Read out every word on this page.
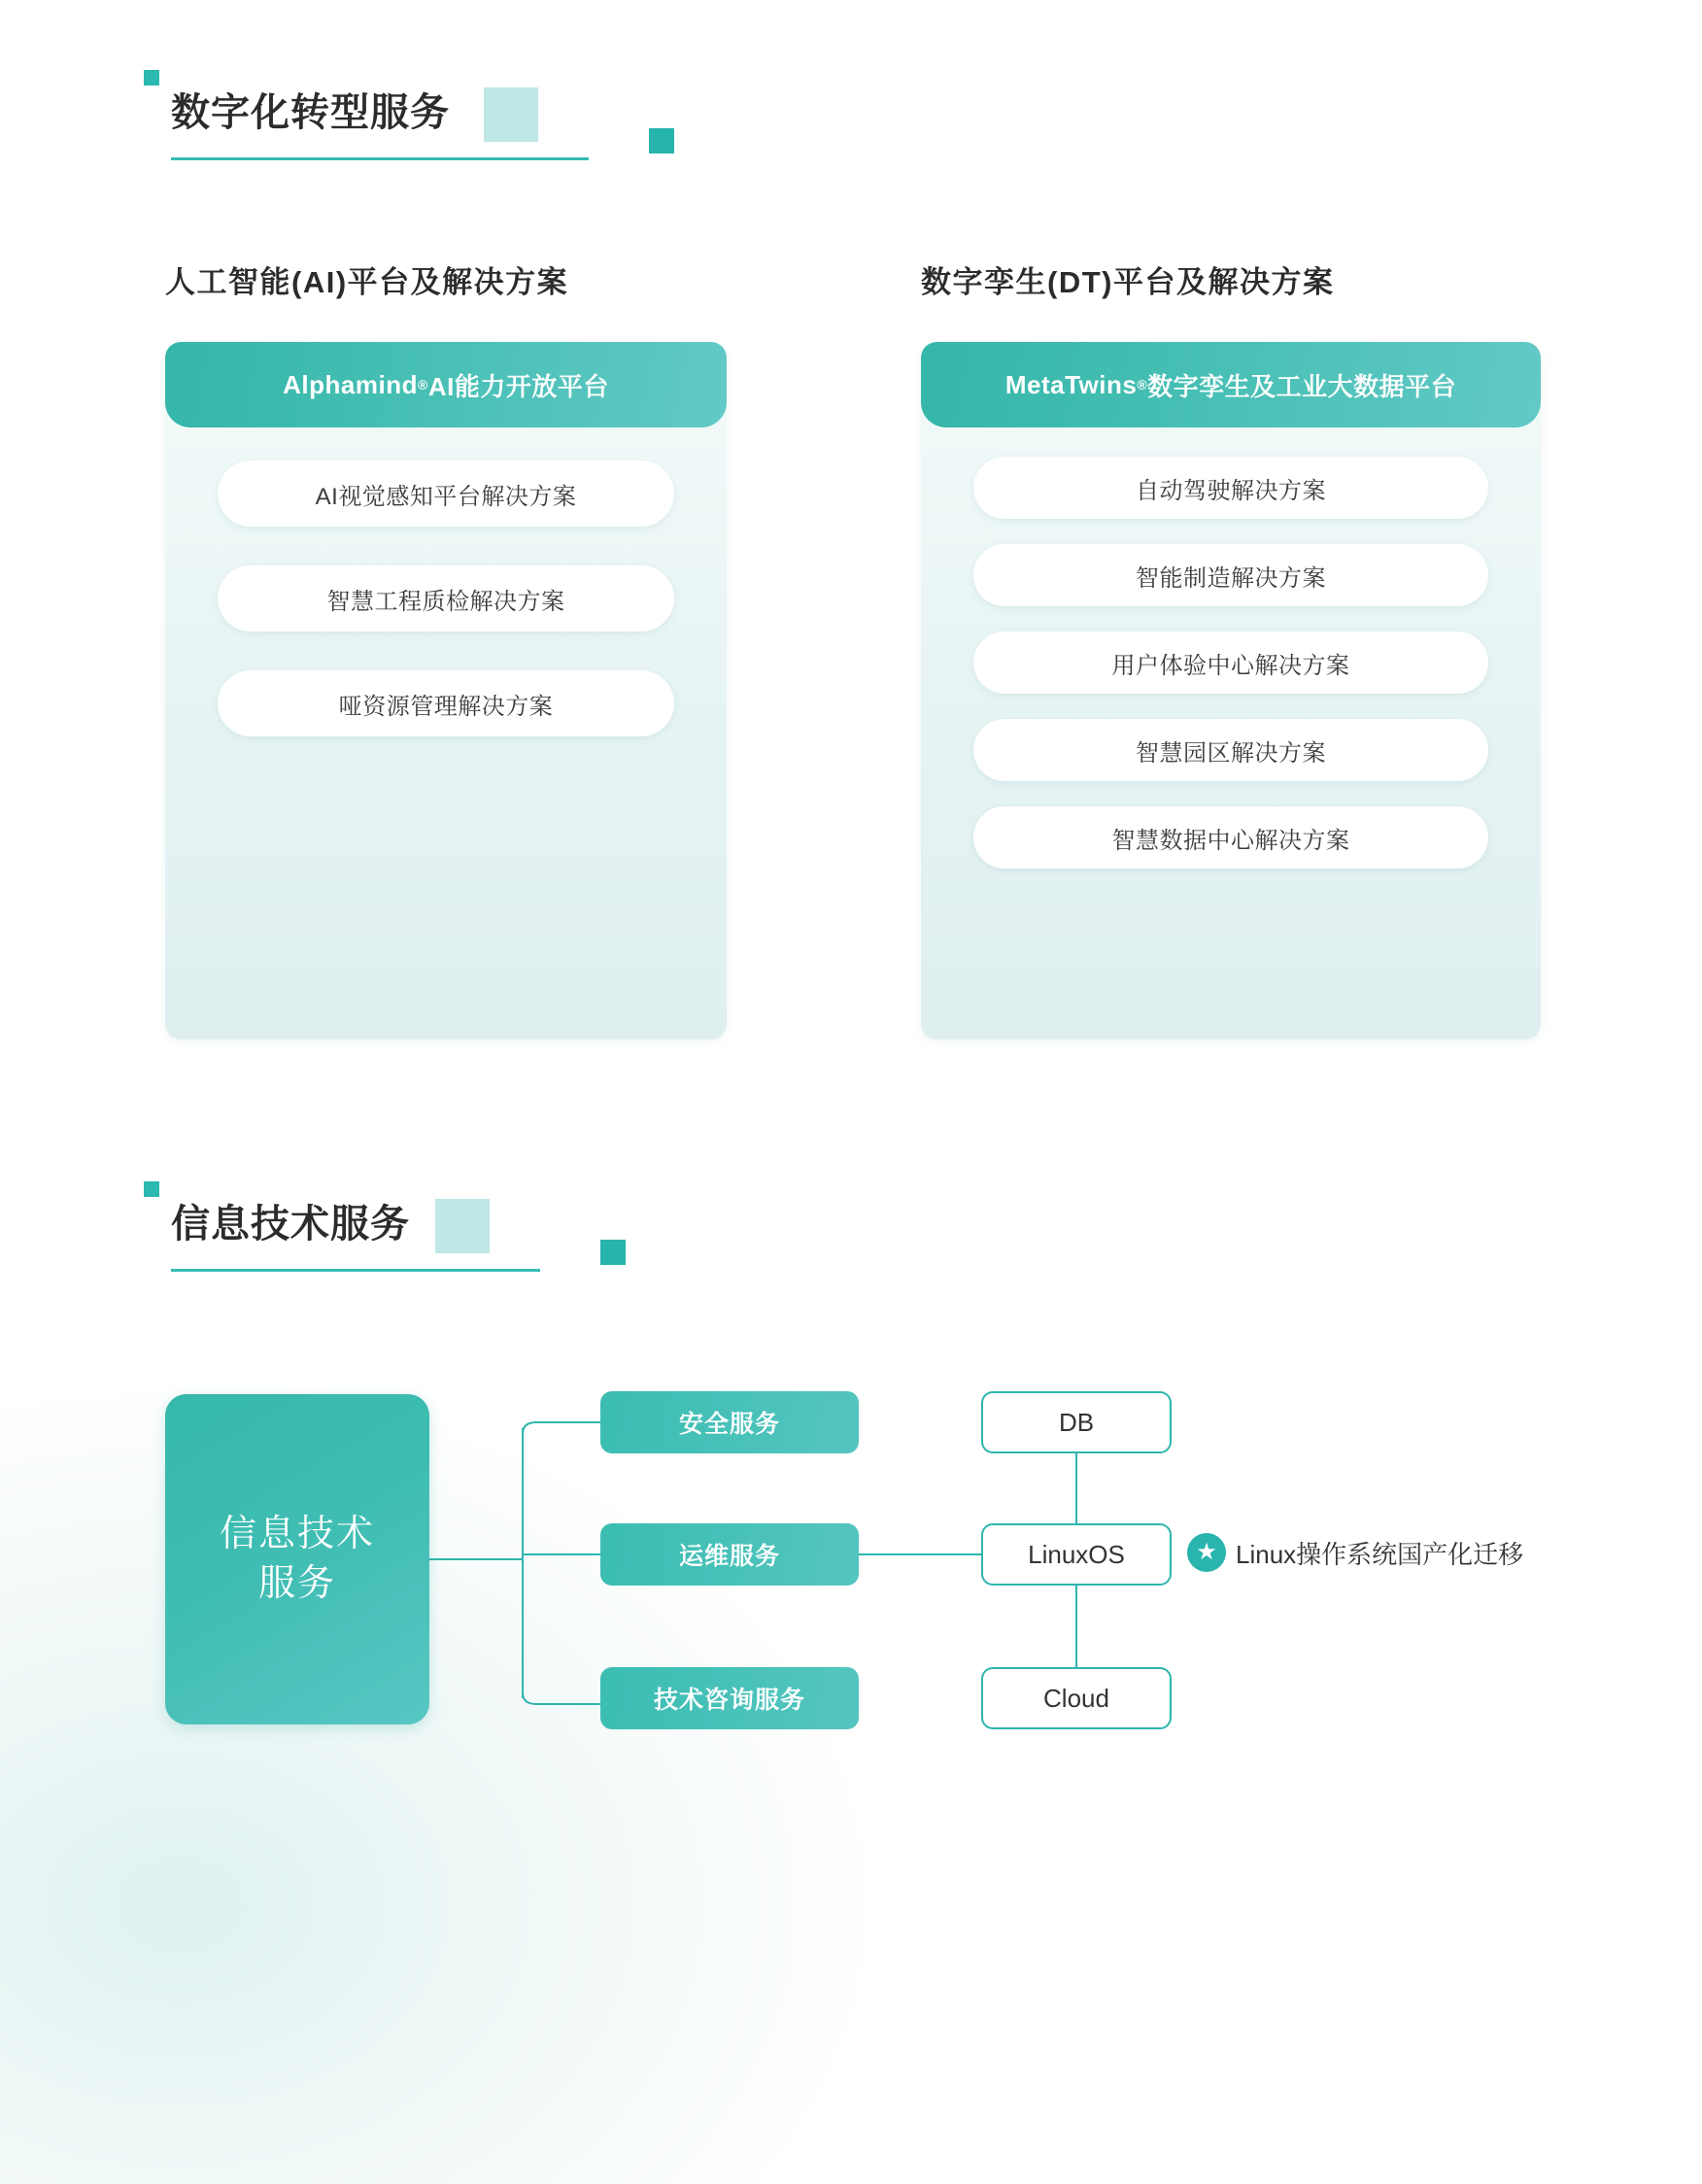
数字化转型服务
人工智能(AI)平台及解决方案	数字孪生(DT)平台及解决方案
Alphamind ® AI能力开放平台
AI视觉感知平台解决方案
智慧工程质检解决方案
哑资源管理解决方案
MetaTwins ® 数字孪生及工业大数据平台
自动驾驶解决方案
智能制造解决方案
用户体验中心解决方案
智慧园区解决方案
智慧数据中心解决方案
信息技术服务
信息技术
服务
安全服务
运维服务
技术咨询服务
DB
LinuxOS
Cloud
★ Linux操作系统国产化迁移
